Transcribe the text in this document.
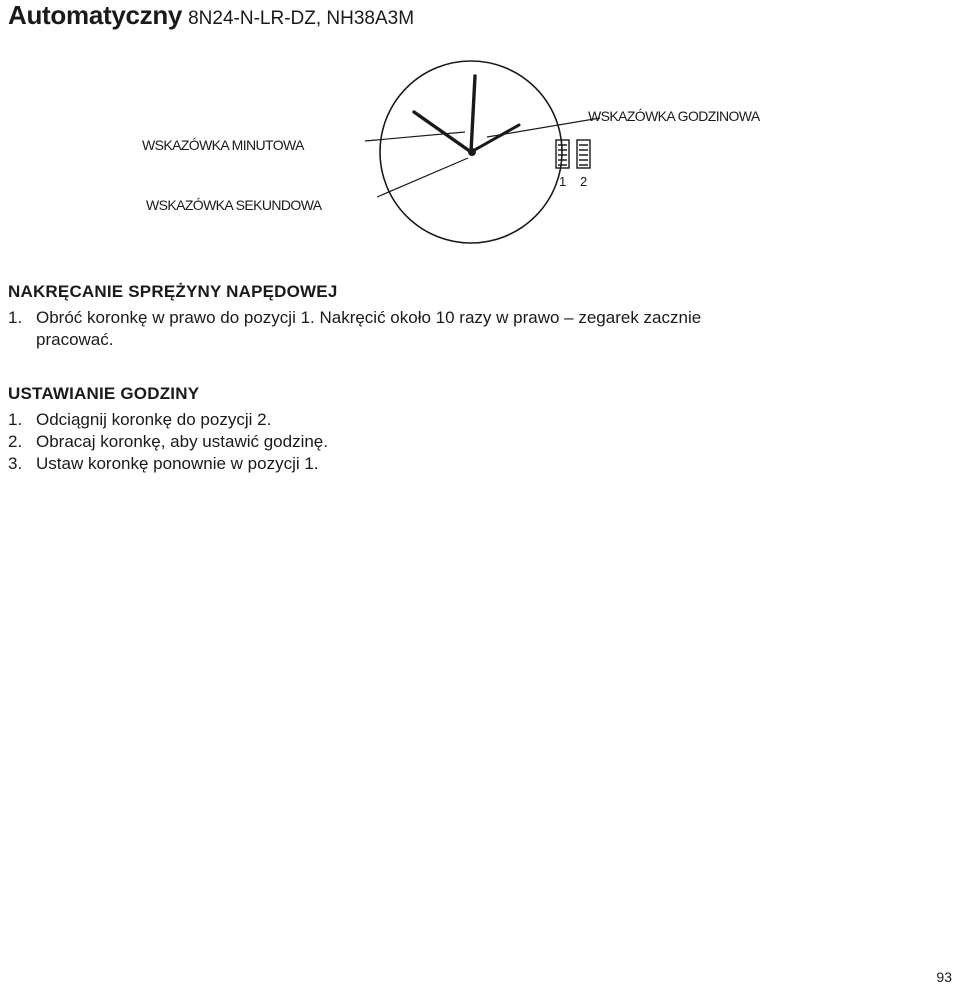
Automatyczny 8N24-N-LR-DZ, NH38A3M
1 2
WSKAZÓWKA MINUTOWA
WSKAZÓWKA SEKUNDOWA
WSKAZÓWKA GODZINOWA

NAKRĘCANIE SPRĘŻYNY NAPĘDOWEJ

1. Obróć koronkę w prawo do pozycji 1. Nakręcić około 10 razy w prawo – zegarek zacznie
pracować.

USTAWIANIE GODZINY

1. Odciągnij koronkę do pozycji 2.

2. Obracaj koronkę, aby ustawić godzinę.

3. Ustaw koronkę ponownie w pozycji 1.

93
